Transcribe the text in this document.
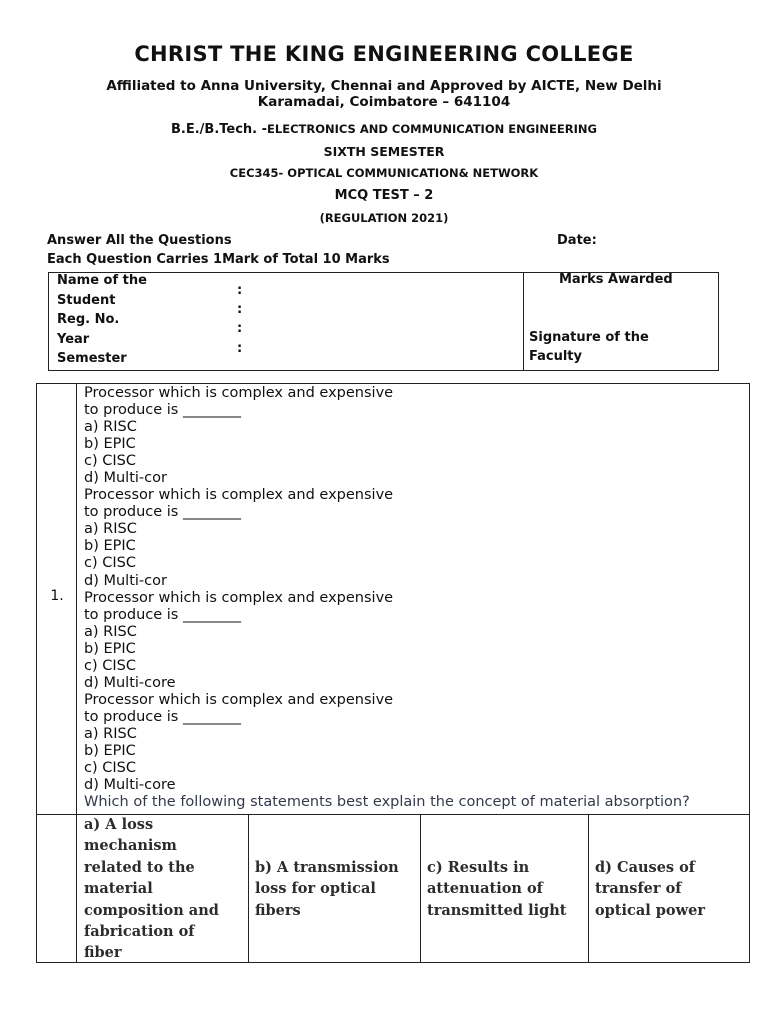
CHRIST THE KING ENGINEERING COLLEGE
Affiliated to Anna University, Chennai and Approved by AICTE, New Delhi
Karamadai, Coimbatore – 641104
B.E./B.Tech. -ELECTRONICS AND COMMUNICATION ENGINEERING
SIXTH SEMESTER
CEC345- OPTICAL COMMUNICATION& NETWORK
MCQ TEST – 2
(REGULATION 2021)
Answer All the Questions	Date:
Each Question Carries 1Mark of Total 10 Marks
Name of the
Student
Reg. No.
Year
Semester
:
:
:
:
Marks Awarded
Signature of the
Faculty
1.
Processor which is complex and expensive
to produce is ________
a) RISC
b) EPIC
c) CISC
d) Multi-cor
Processor which is complex and expensive
to produce is ________
a) RISC
b) EPIC
c) CISC
d) Multi-cor
Processor which is complex and expensive
to produce is ________
a) RISC
b) EPIC
c) CISC
d) Multi-core
Processor which is complex and expensive
to produce is ________
a) RISC
b) EPIC
c) CISC
d) Multi-core
Which of the following statements best explain the concept of material absorption?
a) A loss
mechanism
related to the
material
composition and
fabrication of
fiber
b) A transmission
loss for optical
fibers
c) Results in
attenuation of
transmitted light
d) Causes of
transfer of
optical power
